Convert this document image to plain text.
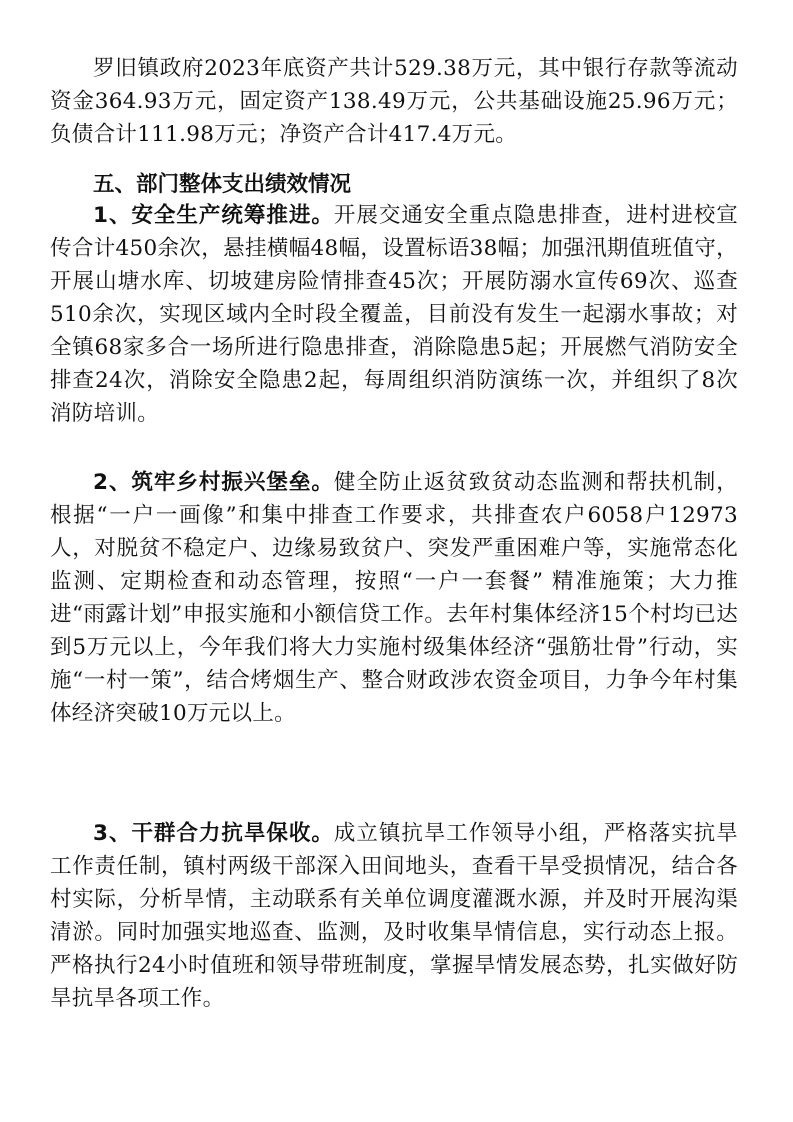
罗旧镇政府2023年底资产共计529.38万元，其中银行存款等流动资金364.93万元，固定资产138.49万元，公共基础设施25.96万元；负债合计111.98万元；净资产合计417.4万元。

五、部门整体支出绩效情况

1、安全生产统筹推进。开展交通安全重点隐患排查，进村进校宣传合计450余次，悬挂横幅48幅，设置标语38幅；加强汛期值班值守，开展山塘水库、切坡建房险情排查45次；开展防溺水宣传69次、巡查510余次，实现区域内全时段全覆盖，目前没有发生一起溺水事故；对全镇68家多合一场所进行隐患排查，消除隐患5起；开展燃气消防安全排查24次，消除安全隐患2起，每周组织消防演练一次，并组织了8次消防培训。

2、筑牢乡村振兴堡垒。健全防止返贫致贫动态监测和帮扶机制，根据“一户一画像”和集中排查工作要求，共排查农户6058户12973人，对脱贫不稳定户、边缘易致贫户、突发严重困难户等，实施常态化监测、定期检查和动态管理，按照“一户一套餐” 精准施策；大力推进“雨露计划”申报实施和小额信贷工作。去年村集体经济15个村均已达到5万元以上，今年我们将大力实施村级集体经济“强筋壮骨”行动，实施“一村一策”，结合烤烟生产、整合财政涉农资金项目，力争今年村集体经济突破10万元以上。

3、干群合力抗旱保收。成立镇抗旱工作领导小组，严格落实抗旱工作责任制，镇村两级干部深入田间地头，查看干旱受损情况，结合各村实际，分析旱情，主动联系有关单位调度灌溉水源，并及时开展沟渠清淤。同时加强实地巡查、监测，及时收集旱情信息，实行动态上报。严格执行24小时值班和领导带班制度，掌握旱情发展态势，扎实做好防旱抗旱各项工作。
